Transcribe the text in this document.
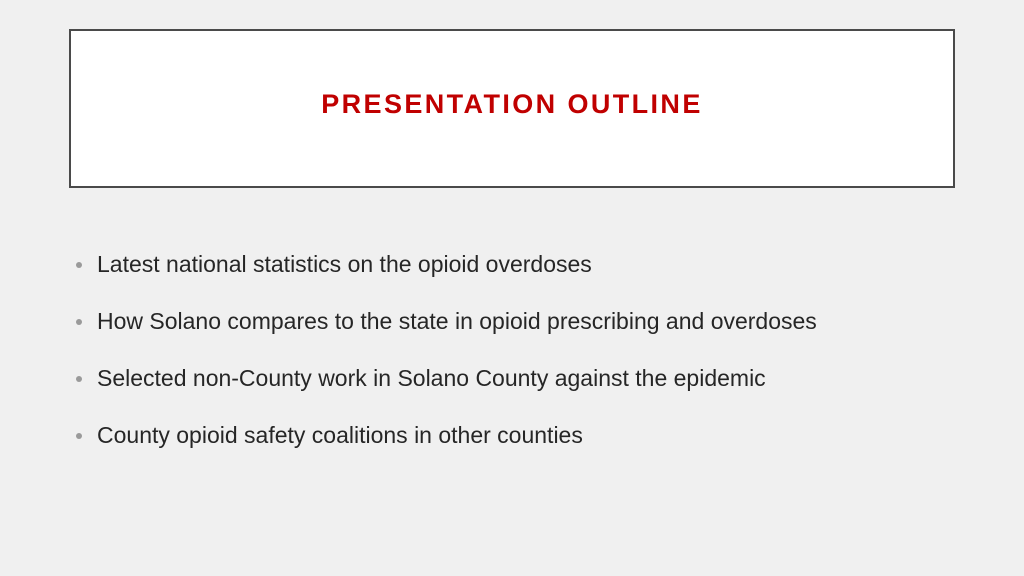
PRESENTATION OUTLINE
Latest national statistics on the opioid overdoses
How Solano compares to the state in opioid prescribing and overdoses
Selected non-County work in Solano County against the epidemic
County opioid safety coalitions in other counties
